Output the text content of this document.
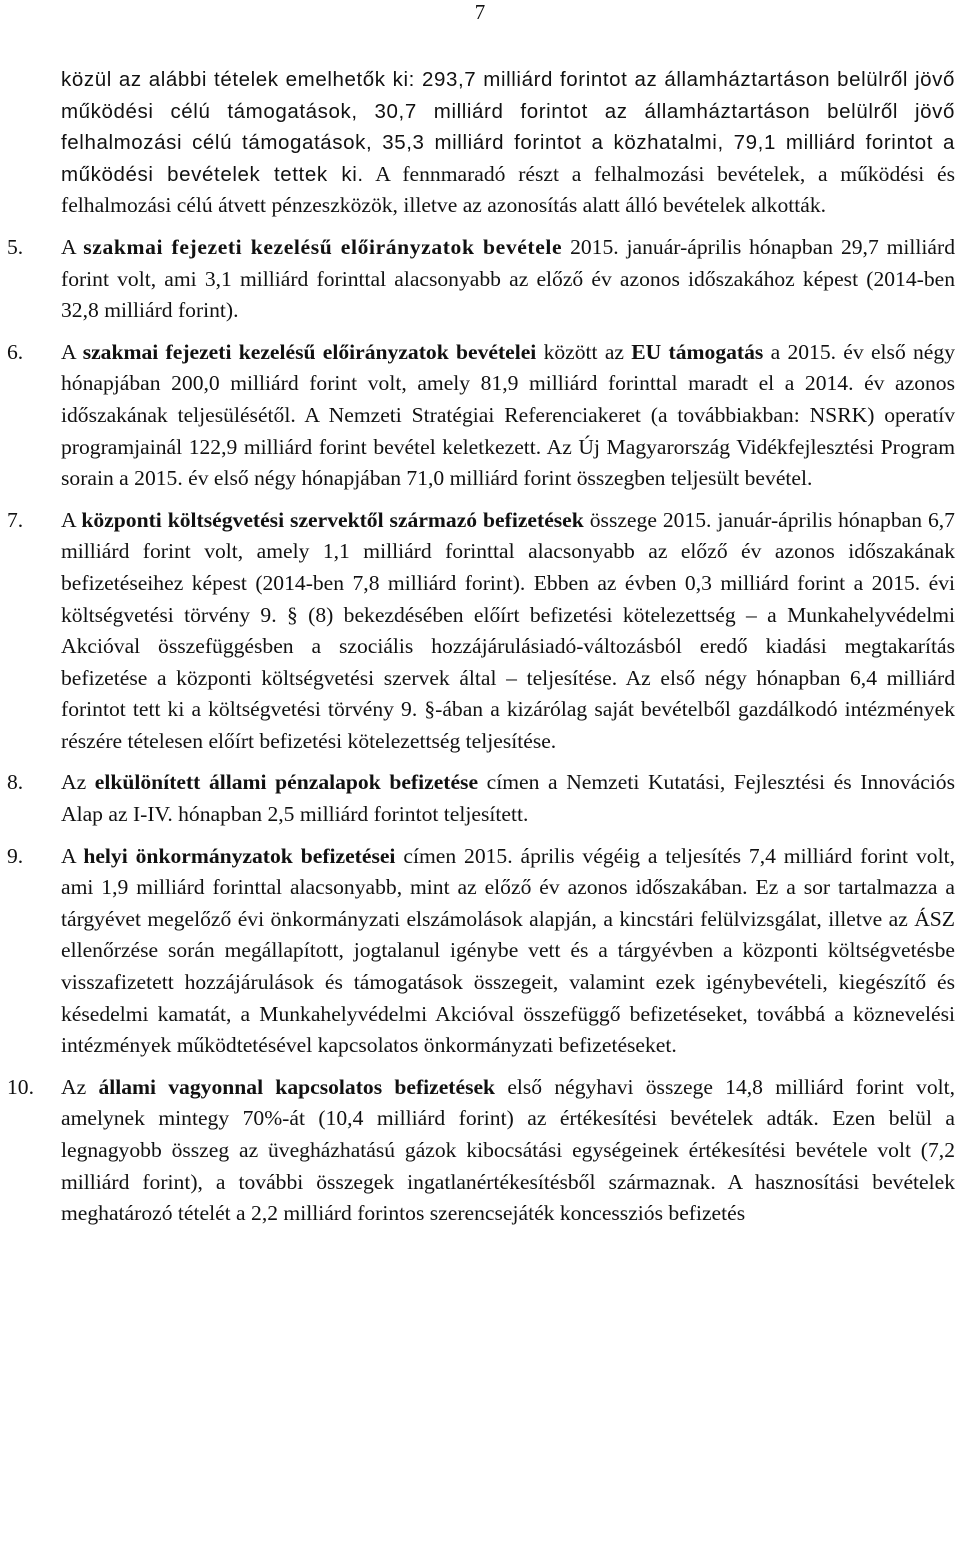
7

közül az alábbi tételek emelhetők ki: 293,7 milliárd forintot az államháztartáson belülről jövő működési célú támogatások, 30,7 milliárd forintot az államháztartáson belülről jövő felhalmozási célú támogatások, 35,3 milliárd forintot a közhatalmi, 79,1 milliárd forintot a működési bevételek tettek ki. A fennmaradó részt a felhalmozási bevételek, a működési és felhalmozási célú átvett pénzeszközök, illetve az azonosítás alatt álló bevételek alkották.

5. A szakmai fejezeti kezelésű előirányzatok bevétele 2015. január-április hónapban 29,7 milliárd forint volt, ami 3,1 milliárd forinttal alacsonyabb az előző év azonos időszakához képest (2014-ben 32,8 milliárd forint).

6. A szakmai fejezeti kezelésű előirányzatok bevételei között az EU támogatás a 2015. év első négy hónapjában 200,0 milliárd forint volt, amely 81,9 milliárd forinttal maradt el a 2014. év azonos időszakának teljesülésétől. A Nemzeti Stratégiai Referenciakeret (a továbbiakban: NSRK) operatív programjainál 122,9 milliárd forint bevétel keletkezett. Az Új Magyarország Vidékfejlesztési Program sorain a 2015. év első négy hónapjában 71,0 milliárd forint összegben teljesült bevétel.

7. A központi költségvetési szervektől származó befizetések összege 2015. január-április hónapban 6,7 milliárd forint volt, amely 1,1 milliárd forinttal alacsonyabb az előző év azonos időszakának befizetéseihez képest (2014-ben 7,8 milliárd forint). Ebben az évben 0,3 milliárd forint a 2015. évi költségvetési törvény 9. § (8) bekezdésében előírt befizetési kötelezettség – a Munkahelyvédelmi Akcióval összefüggésben a szociális hozzájárulásiadó-változásból eredő kiadási megtakarítás befizetése a központi költségvetési szervek által – teljesítése. Az első négy hónapban 6,4 milliárd forintot tett ki a költségvetési törvény 9. §-ában a kizárólag saját bevételből gazdálkodó intézmények részére tételesen előírt befizetési kötelezettség teljesítése.

8. Az elkülönített állami pénzalapok befizetése címen a Nemzeti Kutatási, Fejlesztési és Innovációs Alap az I-IV. hónapban 2,5 milliárd forintot teljesített.

9. A helyi önkormányzatok befizetései címen 2015. április végéig a teljesítés 7,4 milliárd forint volt, ami 1,9 milliárd forinttal alacsonyabb, mint az előző év azonos időszakában. Ez a sor tartalmazza a tárgyévet megelőző évi önkormányzati elszámolások alapján, a kincstári felülvizsgálat, illetve az ÁSZ ellenőrzése során megállapított, jogtalanul igénybe vett és a tárgyévben a központi költségvetésbe visszafizetett hozzájárulások és támogatások összegeit, valamint ezek igénybevételi, kiegészítő és késedelmi kamatát, a Munkahelyvédelmi Akcióval összefüggő befizetéseket, továbbá a köznevelési intézmények működtetésével kapcsolatos önkormányzati befizetéseket.

10. Az állami vagyonnal kapcsolatos befizetések első négyhavi összege 14,8 milliárd forint volt, amelynek mintegy 70%-át (10,4 milliárd forint) az értékesítési bevételek adták. Ezen belül a legnagyobb összeg az üvegházhatású gázok kibocsátási egységeinek értékesítési bevétele volt (7,2 milliárd forint), a további összegek ingatlanértékesítésből származnak. A hasznosítási bevételek meghatározó tételét a 2,2 milliárd forintos szerencsejáték koncessziós befizetés
